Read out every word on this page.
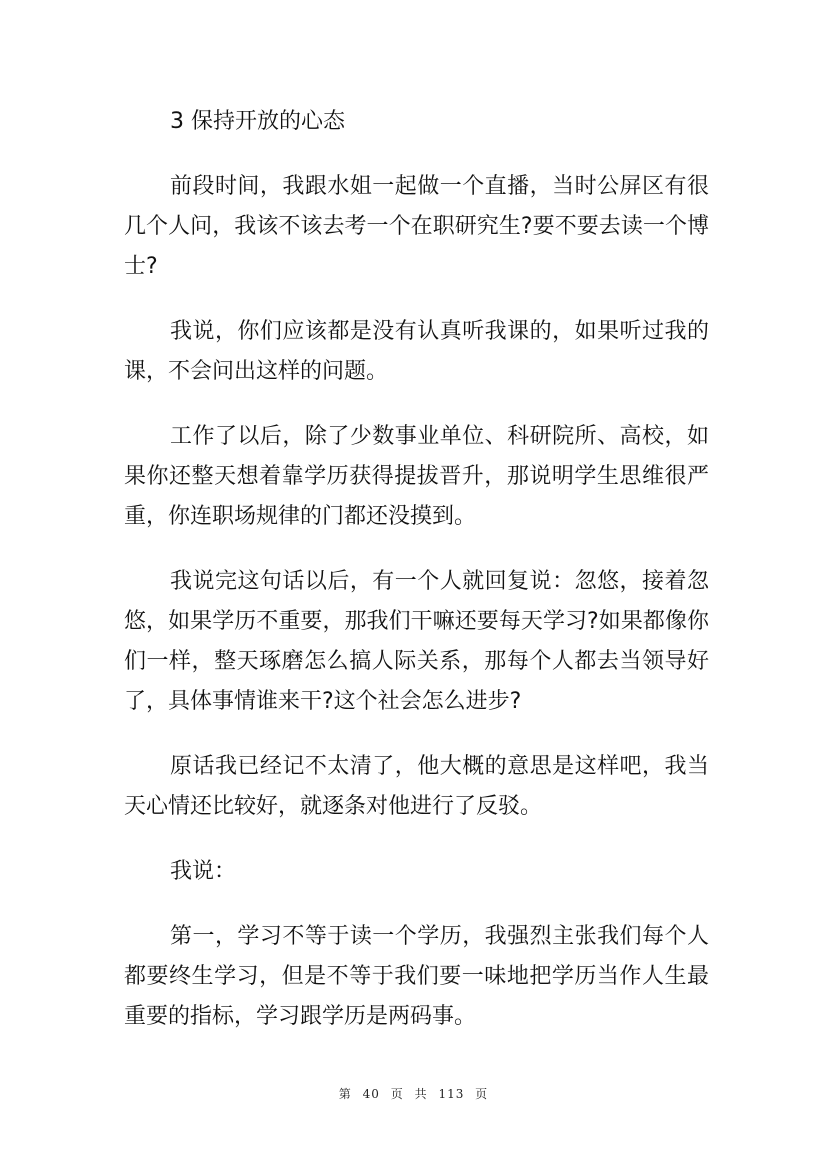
3 保持开放的心态

前段时间，我跟水姐一起做一个直播，当时公屏区有很几个人问，我该不该去考一个在职研究生?要不要去读一个博士?

我说，你们应该都是没有认真听我课的，如果听过我的课，不会问出这样的问题。

工作了以后，除了少数事业单位、科研院所、高校，如果你还整天想着靠学历获得提拔晋升，那说明学生思维很严重，你连职场规律的门都还没摸到。

我说完这句话以后，有一个人就回复说：忽悠，接着忽悠，如果学历不重要，那我们干嘛还要每天学习?如果都像你们一样，整天琢磨怎么搞人际关系，那每个人都去当领导好了，具体事情谁来干?这个社会怎么进步?

原话我已经记不太清了，他大概的意思是这样吧，我当天心情还比较好，就逐条对他进行了反驳。

我说：

第一，学习不等于读一个学历，我强烈主张我们每个人都要终生学习，但是不等于我们要一味地把学历当作人生最重要的指标，学习跟学历是两码事。

第 40 页 共 113 页
